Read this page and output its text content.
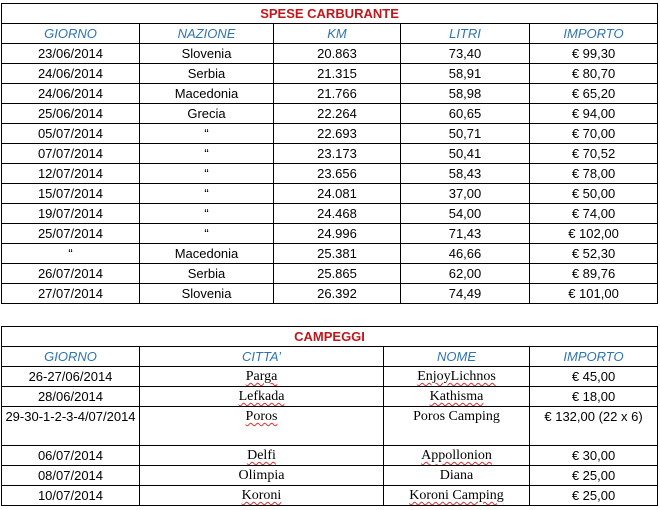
SPESE CARBURANTE				
GIORNO	NAZIONE	KM	LITRI	IMPORTO
23/06/2014	Slovenia	20.863	73,40	€ 99,30
24/06/2014	Serbia	21.315	58,91	€ 80,70
24/06/2014	Macedonia	21.766	58,98	€ 65,20
25/06/2014	Grecia	22.264	60,65	€ 94,00
05/07/2014	“	22.693	50,71	€ 70,00
07/07/2014	“	23.173	50,41	€ 70,52
12/07/2014	“	23.656	58,43	€ 78,00
15/07/2014	“	24.081	37,00	€ 50,00
19/07/2014	“	24.468	54,00	€ 74,00
25/07/2014	“	24.996	71,43	€ 102,00
“	Macedonia	25.381	46,66	€ 52,30
26/07/2014	Serbia	25.865	62,00	€ 89,76
27/07/2014	Slovenia	26.392	74,49	€ 101,00
CAMPEGGI			
GIORNO	CITTA’	NOME	IMPORTO
26-27/06/2014	Parga	EnjoyLichnos	€ 45,00
28/06/2014	Lefkada	Kathisma	€ 18,00
29-30-1-2-3-4/07/2014	Poros	Poros Camping	€ 132,00 (22 x 6)
06/07/2014	Delfi	Appollonion	€ 30,00
08/07/2014	Olimpia	Diana	€ 25,00
10/07/2014	Koroni	Koroni Camping	€ 25,00
